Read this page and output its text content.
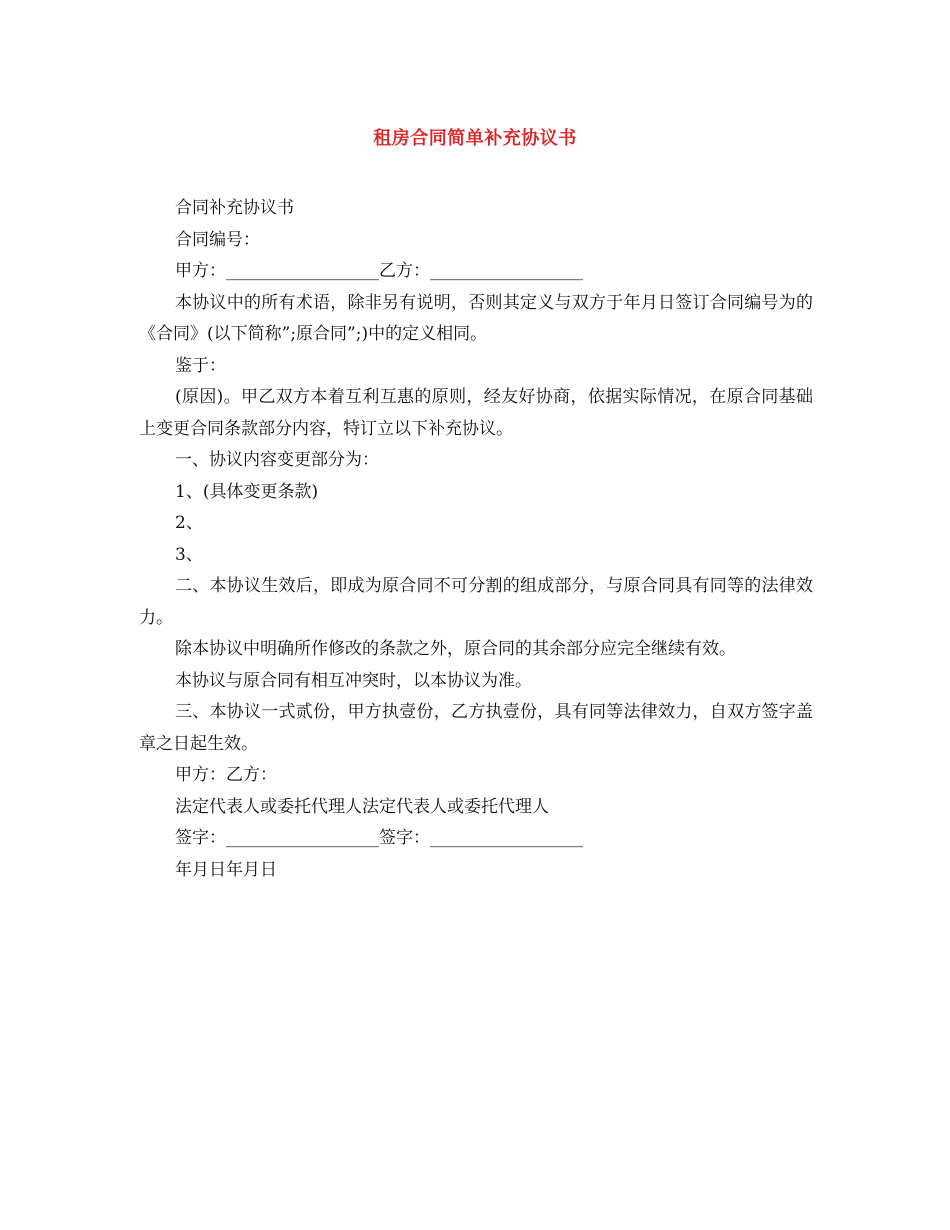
租房合同简单补充协议书

合同补充协议书

合同编号：

甲方：__________________乙方：__________________

本协议中的所有术语，除非另有说明，否则其定义与双方于年月日签订合同编号为的《合同》(以下简称”;原合同”;)中的定义相同。

鉴于：

(原因)。甲乙双方本着互利互惠的原则，经友好协商，依据实际情况，在原合同基础上变更合同条款部分内容，特订立以下补充协议。

一、协议内容变更部分为：

1、(具体变更条款)

2、

3、

二、本协议生效后，即成为原合同不可分割的组成部分，与原合同具有同等的法律效力。

除本协议中明确所作修改的条款之外，原合同的其余部分应完全继续有效。

本协议与原合同有相互冲突时，以本协议为准。

三、本协议一式贰份，甲方执壹份，乙方执壹份，具有同等法律效力，自双方签字盖章之日起生效。

甲方：乙方：

法定代表人或委托代理人法定代表人或委托代理人

签字：__________________签字：__________________

年月日年月日
